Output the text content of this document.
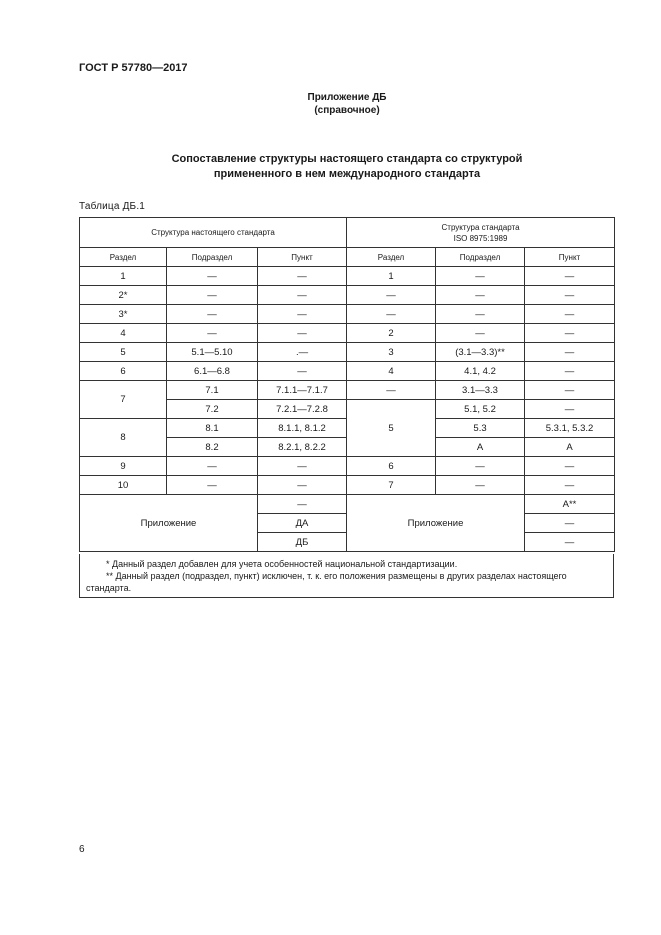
ГОСТ Р 57780—2017
Приложение ДБ
(справочное)
Сопоставление структуры настоящего стандарта со структурой
примененного в нем международного стандарта
Таблица ДБ.1
Структура настоящего стандарта			Структура стандарта
ISO 8975:1989		

Раздел	Подраздел	Пункт	Раздел	Подраздел	Пункт
1	—	—	1	—	—
2*	—	—	—	—	—
3*	—	—	—	—	—
4	—	—	2	—	—
5	5.1—5.10	.—	3	(3.1—3.3)**	—
6	6.1—6.8	—	4	4.1, 4.2	—
7	7.1	7.1.1—7.1.7	—	3.1—3.3	—
	7.2	7.2.1—7.2.8	5	5.1, 5.2	—
8	8.1	8.1.1, 8.1.2		5.3	5.3.1, 5.3.2
	8.2	8.2.1, 8.2.2		А	А
9	—	—	6	—	—
10	—	—	7	—	—
Приложение		—	Приложение		А**
		ДА			—
		ДБ			—

* Данный раздел добавлен для учета особенностей национальной стандартизации.

** Данный раздел (подраздел, пункт) исключен, т. к. его положения размещены в других разделах настоящего стандарта.

6
